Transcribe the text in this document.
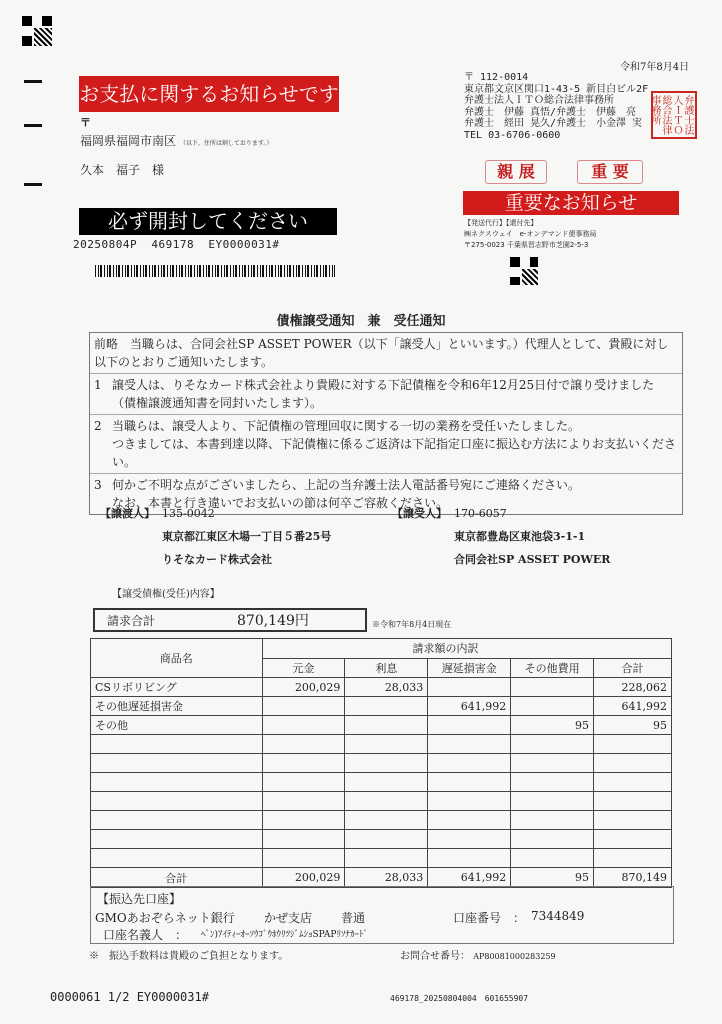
令和7年8月4日
お支払に関するお知らせです
〒
福岡県福岡市南区 （以下、住所は割しております。）
久本　福子　様
〒 112-0014
東京都文京区関口1-43-5 新目白ビル2F
弁護士法人ＩＴＯ総合法律事務所
弁護士　伊藤 真悟/弁護士　伊藤　亮
弁護士　經田 晃久/弁護士　小金澤 実
TEL 03-6706-0600	弁護士法人ＩＴＯ総合法律事務所
親 展	重 要
重要なお知らせ
【発送代行】【還付先】
㈱ネクスウェイ　e-オンデマンド便事務局
〒275-0023 千葉県習志野市芝園2-5-3
必ず開封してください
20250804P  469178  EY0000031#
債権譲受通知　兼　受任通知
前略　当職らは、合同会社SP ASSET POWER（以下「譲受人」といいます。）代理人として、貴殿に対し以下のとおりご通知いたします。
1 譲受人は、りそなカード株式会社より貴殿に対する下記債権を令和6年12月25日付で譲り受けました（債権譲渡通知書を同封いたします）。
2 当職らは、譲受人より、下記債権の管理回収に関する一切の業務を受任いたしました。
つきましては、本書到達以降、下記債権に係るご返済は下記指定口座に振込む方法によりお支払いください。
3 何かご不明な点がございましたら、上記の当弁護士法人電話番号宛にご連絡ください。
なお、本書と行き違いでお支払いの節は何卒ご容赦ください。
【譲渡人】 135-0042
東京都江東区木場一丁目５番25号
りそなカード株式会社
【譲受人】 170-6057
東京都豊島区東池袋3-1-1
合同会社SP ASSET POWER
【譲受債権(受任)内容】
請求合計	870,149円	※令和7年8月4日現在
商品名	請求額の内訳				
	元金	利息	遅延損害金	その他費用	合計
CSリボリビング	200,029	28,033			228,062
その他遅延損害金			641,992		641,992
その他				95	95

合計	200,029	28,033	641,992	95	870,149
【振込先口座】
GMOあおぞらネット銀行 かぜ支店 普通	口座番号　： 7344849
口座名義人　： ﾍﾞﾝ)ｱｲﾃｨｰｵｰｿｳｺﾞｳﾎｳﾘﾂｼﾞﾑｼｮSPAPﾘｿﾅｶｰﾄﾞ
※　振込手数料は貴殿のご負担となります。	お問合せ番号： AP80081000283259
0000061 1/2 EY0000031#	469178_20250804004　601655907
